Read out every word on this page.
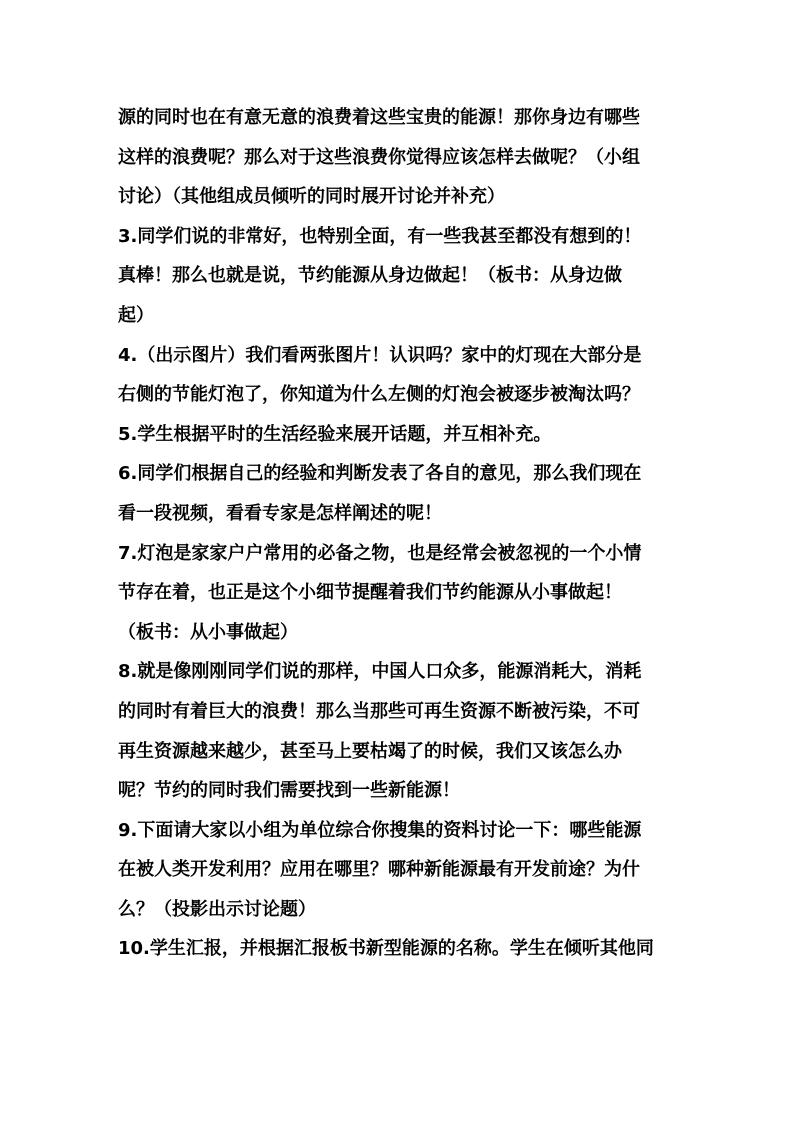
源的同时也在有意无意的浪费着这些宝贵的能源！那你身边有哪些
这样的浪费呢？那么对于这些浪费你觉得应该怎样去做呢？（小组
讨论）（其他组成员倾听的同时展开讨论并补充）
3.同学们说的非常好，也特别全面，有一些我甚至都没有想到的！
真棒！那么也就是说，节约能源从身边做起！（板书：从身边做
起）
4.（出示图片）我们看两张图片！认识吗？家中的灯现在大部分是
右侧的节能灯泡了，你知道为什么左侧的灯泡会被逐步被淘汰吗？
5.学生根据平时的生活经验来展开话题，并互相补充。
6.同学们根据自己的经验和判断发表了各自的意见，那么我们现在
看一段视频，看看专家是怎样阐述的呢！
7.灯泡是家家户户常用的必备之物，也是经常会被忽视的一个小情
节存在着，也正是这个小细节提醒着我们节约能源从小事做起！
（板书：从小事做起）
8.就是像刚刚同学们说的那样，中国人口众多，能源消耗大，消耗
的同时有着巨大的浪费！那么当那些可再生资源不断被污染，不可
再生资源越来越少，甚至马上要枯竭了的时候，我们又该怎么办
呢？节约的同时我们需要找到一些新能源！
9.下面请大家以小组为单位综合你搜集的资料讨论一下：哪些能源
在被人类开发利用？应用在哪里？哪种新能源最有开发前途？为什
么？（投影出示讨论题）
10.学生汇报，并根据汇报板书新型能源的名称。学生在倾听其他同
